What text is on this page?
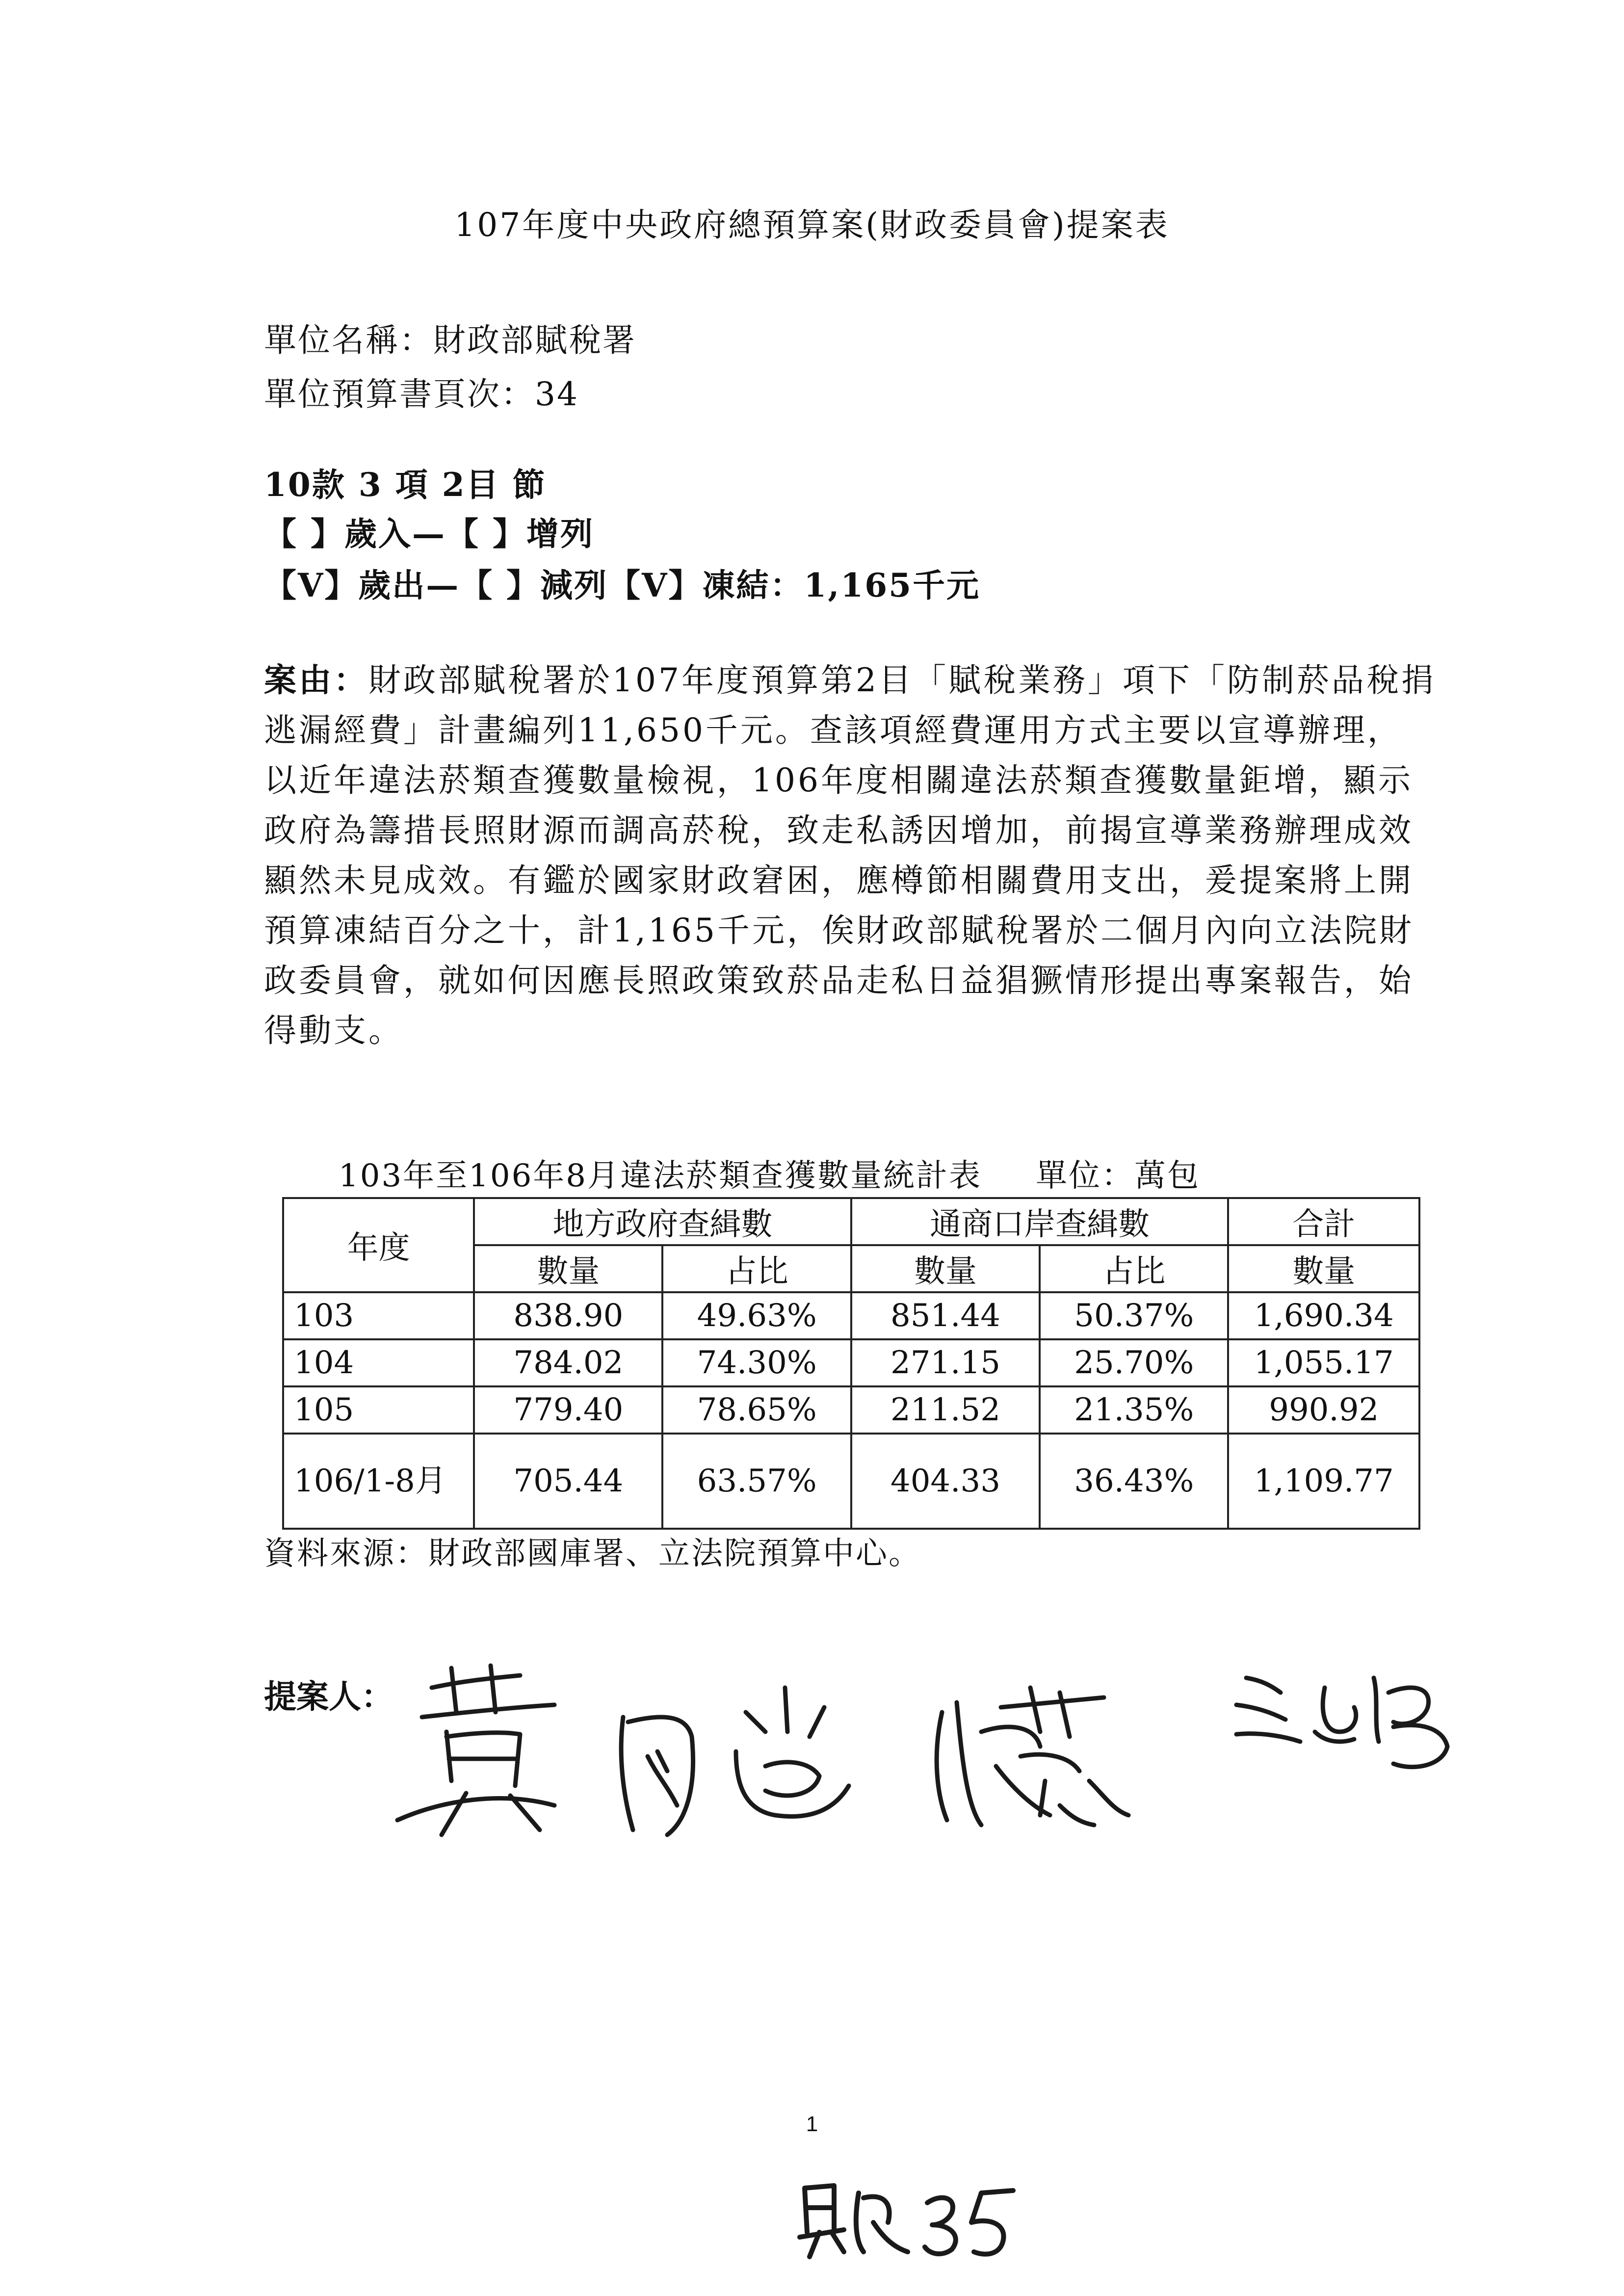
107年度中央政府總預算案(財政委員會)提案表
單位名稱：財政部賦稅署
單位預算書頁次：34
10款 3 項 2目 節
【 】歲入—【 】增列
【V】歲出—【 】減列【V】凍結：1,165千元

案由：財政部賦稅署於107年度預算第2目「賦稅業務」項下「防制菸品稅捐逃漏經費」計畫編列11,650千元。查該項經費運用方式主要以宣導辦理，以近年違法菸類查獲數量檢視，106年度相關違法菸類查獲數量鉅增，顯示政府為籌措長照財源而調高菸稅，致走私誘因增加，前揭宣導業務辦理成效顯然未見成效。有鑑於國家財政窘困，應樽節相關費用支出，爰提案將上開預算凍結百分之十，計1,165千元，俟財政部賦稅署於二個月內向立法院財政委員會，就如何因應長照政策致菸品走私日益猖獗情形提出專案報告，始得動支。

103年至106年8月違法菸類查獲數量統計表 單位：萬包
年度	地方政府查緝數		通商口岸查緝數		合計
	數量	占比	數量	占比	數量
103	838.90	49.63%	851.44	50.37%	1,690.34
104	784.02	74.30%	271.15	25.70%	1,055.17
105	779.40	78.65%	211.52	21.35%	990.92
106/1-8月	705.44	63.57%	404.33	36.43%	1,109.77
資料來源：財政部國庫署、立法院預算中心。
提案人：
1
